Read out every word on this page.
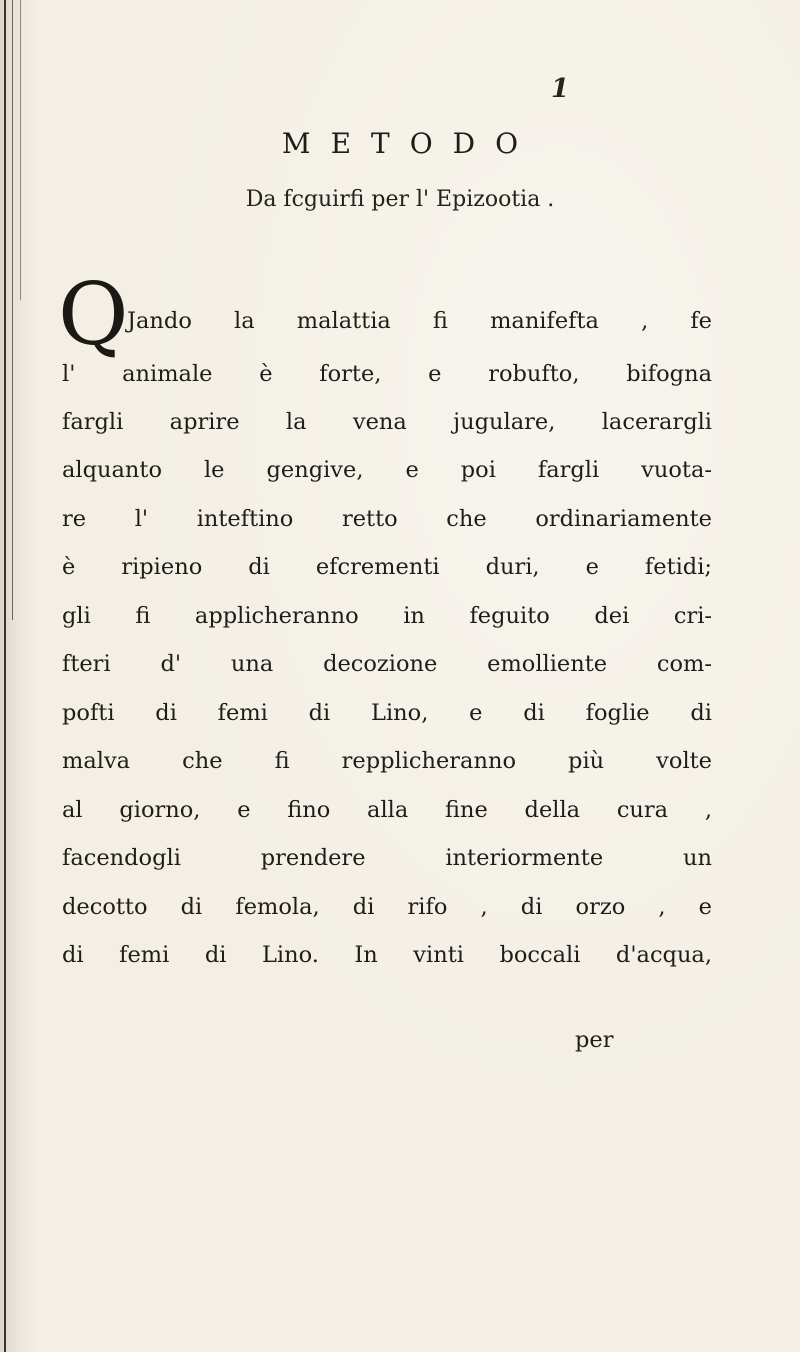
1
METODO
Da fcguirfi per l' Epizootia .
Q
Jando la malattia fi manifefta , fe
l' animale è forte, e robufto, bifogna
fargli aprire la vena jugulare, lacerargli
alquanto le gengive, e poi fargli vuota-
re l' inteftino retto che ordinariamente
è ripieno di efcrementi duri, e fetidi;
gli fi applicheranno in feguito dei cri-
fteri d' una decozione emolliente com-
pofti di femi di Lino, e di foglie di
malva che fi repplicheranno più volte
al giorno, e fino alla fine della cura ,
facendogli prendere interiormente un
decotto di femola, di rifo , di orzo , e
di femi di Lino. In vinti boccali d'acqua,
per
